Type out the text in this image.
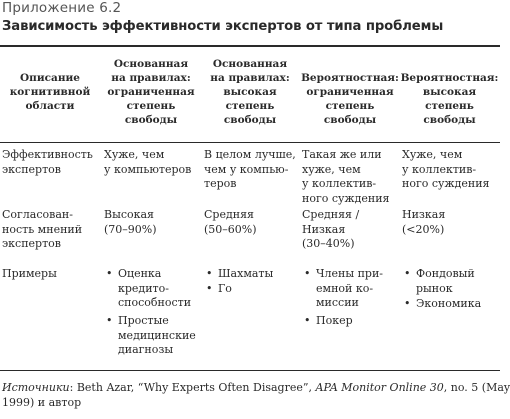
Приложение 6.2
Зависимость эффективности экспертов от типа проблемы
Описание
когнитивной
области
Основанная
на правилах:
ограниченная
степень
свободы
Основанная
на правилах:
высокая
степень
свободы
Вероятностная:
ограниченная
степень
свободы
Вероятностная:
высокая
степень
свободы
Эффективность
экспертов
Хуже, чем
у компьютеров
В целом лучше,
чем у компью-
теров
Такая же или
хуже, чем
у коллектив-
ного суждения
Хуже, чем
у коллектив-
ного суждения
Согласован-
ность мнений
экспертов
Высокая
(70–90%)
Средняя
(50–60%)
Средняя /
Низкая
(30–40%)
Низкая
(<20%)
Примеры	• Оценка
кредито-
способности
• Простые
медицинские
диагнозы
• Шахматы
• Го
• Члены при-
емной ко-
миссии
• Покер
• Фондовый
рынок
• Экономика
Источники: Beth Azar, “Why Experts Often Disagree”, APA Monitor Online 30, no. 5 (May
1999) и автор
